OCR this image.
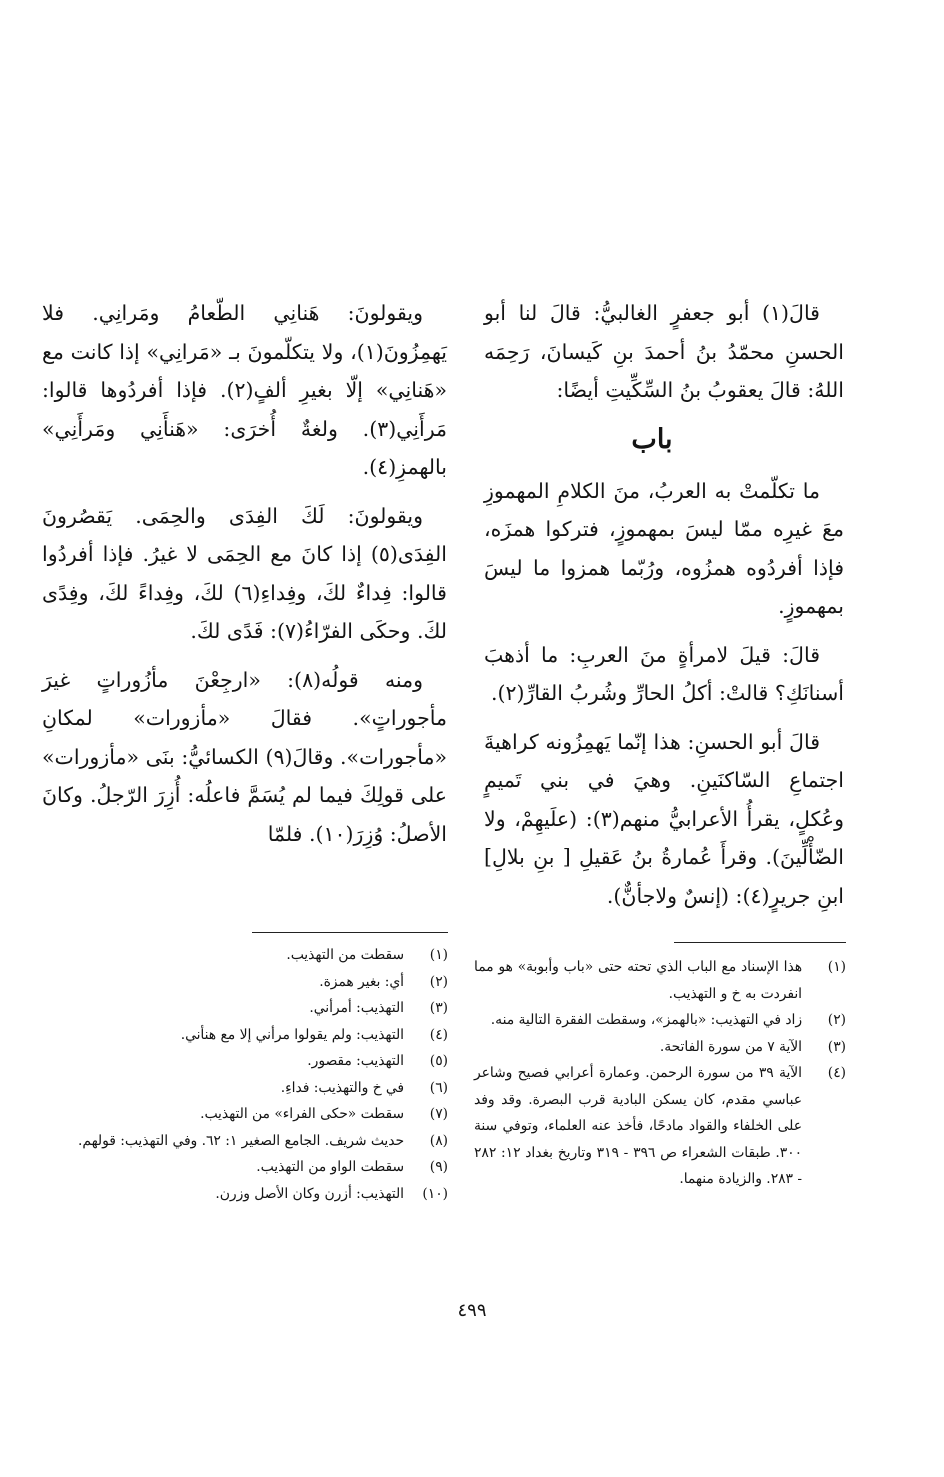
قالَ(١) أبو جعفرٍ الغالبيُّ: قالَ لنا أبو الحسنِ محمّدُ بنُ أحمدَ بنِ كَيسانَ، رَحِمَه اللهُ: قالَ يعقوبُ بنُ السِّكِّيتِ أيضًا:

باب

ما تكلّمتْ به العربُ، منَ الكلامِ المهموزِ معَ غيرِه ممّا ليسَ بمهموزٍ، فتركوا همزَه، فإذا أفردُوه همزُوه، ورُبّما همزوا ما ليسَ بمهموزٍ.

قالَ: قيلَ لامرأةٍ منَ العربِ: ما أذهبَ أسنانَكِ؟ قالتْ: أكلُ الحارِّ وشُربُ القارِّ(٢).

قالَ أبو الحسنِ: هذا إنّما يَهمِزُونه كراهيةَ اجتماعِ السّاكنَينِ. وهيَ في بني تَميمٍ وعُكلٍ، يقرأُ الأعرابيُّ منهم(٣): (علَيهِمْ، ولا الضّأْلِّينَ). وقرأَ عُمارةُ بنُ عَقيلِ [ بنِ بلالِ] ابنِ جريرٍ(٤): (إنسٌ ولاجأنٌّ).

ويقولونَ: هَنانِي الطّعامُ ومَرانِي. فلا يَهمِزُونَ(١)، ولا يتكلّمونَ بـ «مَرانِي» إذا كانت مع «هَنانِي» إلّا بغيرِ ألفٍ(٢). فإذا أفردُوها قالوا: مَرأَنِي(٣). ولغةٌ أُخرَى: «هَنأَنِي ومَرأَنِي» بالهمزِ(٤).

ويقولونَ: لَكَ الفِدَى والحِمَى. يَقصُرونَ الفِدَى(٥) إذا كانَ مع الحِمَى لا غيرُ. فإذا أفردُوا قالوا: فِداءٌ لكَ، وفِداءِ(٦) لكَ، وفِداءً لكَ، وفِدًى لكَ. وحكَى الفرّاءُ(٧): فَدًى لكَ.

ومنه قولُه(٨): «ارجِعْنَ مأزُوراتٍ غيرَ مأجوراتٍ». فقالَ «مأزورات» لمكانِ «مأجورات». وقالَ(٩) الكسائيُّ: بنَى «مأزورات» على قولِكَ فيما لم يُسَمَّ فاعلُه: أُزِرَ الرّجلُ. وكانَ الأصلُ: وُزِرَ(١٠). فلمّا

(١)
هذا الإسناد مع الباب الذي تحته حتى «باب وأبوبة» هو مما انفردت به خ و التهذيب.
(٢)
زاد في التهذيب: «بالهمز»، وسقطت الفقرة التالية منه.
(٣)
الآية ٧ من سورة الفاتحة.
(٤)
الآية ٣٩ من سورة الرحمن. وعمارة أعرابي فصيح وشاعر عباسي مقدم، كان يسكن البادية قرب البصرة. وقد وفد على الخلفاء والقواد مادحًا، فأخذ عنه العلماء، وتوفي سنة ٣٠٠. طبقات الشعراء ص ٣٩٦ - ٣١٩ وتاريخ بغداد ١٢: ٢٨٢ - ٢٨٣. والزيادة منهما.
(١)
سقطت من التهذيب.
(٢)
أي: بغير همزة.
(٣)
التهذيب: أمرأني.
(٤)
التهذيب: ولم يقولوا مرأني إلا مع هنأني.
(٥)
التهذيب: مقصور.
(٦)
في خ والتهذيب: فداءِ.
(٧)
سقطت «حكى الفراء» من التهذيب.
(٨)
حديث شريف. الجامع الصغير ١: ٦٢. وفي التهذيب: قولهم.
(٩)
سقطت الواو من التهذيب.
(١٠)
التهذيب: أزرن وكان الأصل وزرن.
٤٩٩
